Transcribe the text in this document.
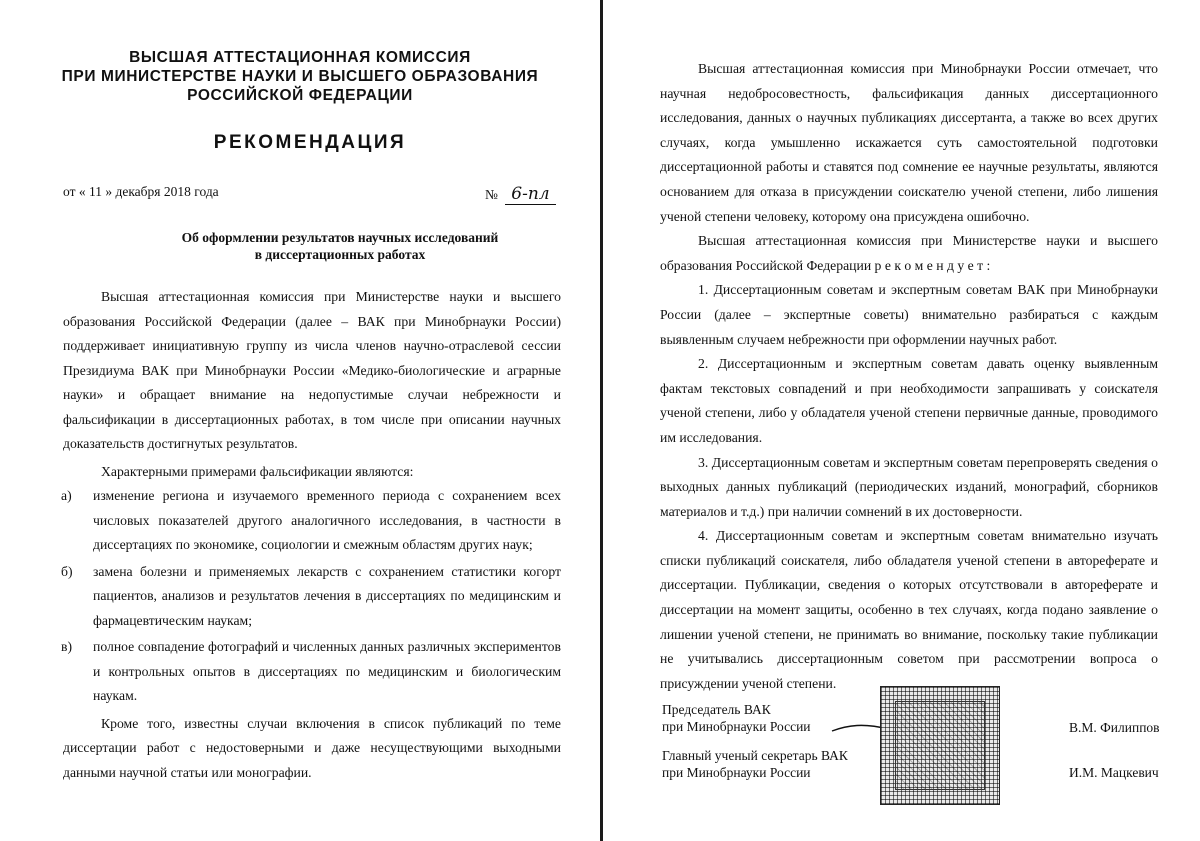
ВЫСШАЯ АТТЕСТАЦИОННАЯ КОМИССИЯ
ПРИ МИНИСТЕРСТВЕ НАУКИ И ВЫСШЕГО ОБРАЗОВАНИЯ
РОССИЙСКОЙ ФЕДЕРАЦИИ
РЕКОМЕНДАЦИЯ
от « 11 » декабря 2018 года	№ 6-пл
Об оформлении результатов научных исследований
в диссертационных работах

Высшая аттестационная комиссия при Министерстве науки и высшего образования Российской Федерации (далее – ВАК при Минобрнауки России) поддерживает инициативную группу из числа членов научно-отраслевой сессии Президиума ВАК при Минобрнауки России «Медико-биологические и аграрные науки» и обращает внимание на недопустимые случаи небрежности и фальсификации в диссертационных работах, в том числе при описании научных доказательств достигнутых результатов.

Характерными примерами фальсификации являются:

а) изменение региона и изучаемого временного периода с сохранением всех числовых показателей другого аналогичного исследования, в частности в диссертациях по экономике, социологии и смежным областям других наук;
б) замена болезни и применяемых лекарств с сохранением статистики когорт пациентов, анализов и результатов лечения в диссертациях по медицинским и фармацевтическим наукам;
в) полное совпадение фотографий и численных данных различных экспериментов и контрольных опытов в диссертациях по медицинским и биологическим наукам.

Кроме того, известны случаи включения в список публикаций по теме диссертации работ с недостоверными и даже несуществующими выходными данными научной статьи или монографии.

Высшая аттестационная комиссия при Минобрнауки России отмечает, что научная недобросовестность, фальсификация данных диссертационного исследования, данных о научных публикациях диссертанта, а также во всех других случаях, когда умышленно искажается суть самостоятельной подготовки диссертационной работы и ставятся под сомнение ее научные результаты, являются основанием для отказа в присуждении соискателю ученой степени, либо лишения ученой степени человеку, которому она присуждена ошибочно.

Высшая аттестационная комиссия при Министерстве науки и высшего образования Российской Федерации р е к о м е н д у е т :

1. Диссертационным советам и экспертным советам ВАК при Минобрнауки России (далее – экспертные советы) внимательно разбираться с каждым выявленным случаем небрежности при оформлении научных работ.

2. Диссертационным и экспертным советам давать оценку выявленным фактам текстовых совпадений и при необходимости запрашивать у соискателя ученой степени, либо у обладателя ученой степени первичные данные, проводимого им исследования.

3. Диссертационным советам и экспертным советам перепроверять сведения о выходных данных публикаций (периодических изданий, монографий, сборников материалов и т.д.) при наличии сомнений в их достоверности.

4. Диссертационным советам и экспертным советам внимательно изучать списки публикаций соискателя, либо обладателя ученой степени в автореферате и диссертации. Публикации, сведения о которых отсутствовали в автореферате и диссертации на момент защиты, особенно в тех случаях, когда подано заявление о лишении ученой степени, не принимать во внимание, поскольку такие публикации не учитывались диссертационным советом при рассмотрении вопроса о присуждении ученой степени.

Председатель ВАК
при Минобрнауки России	В.М. Филиппов
Главный ученый секретарь ВАК
при Минобрнауки России	И.М. Мацкевич
